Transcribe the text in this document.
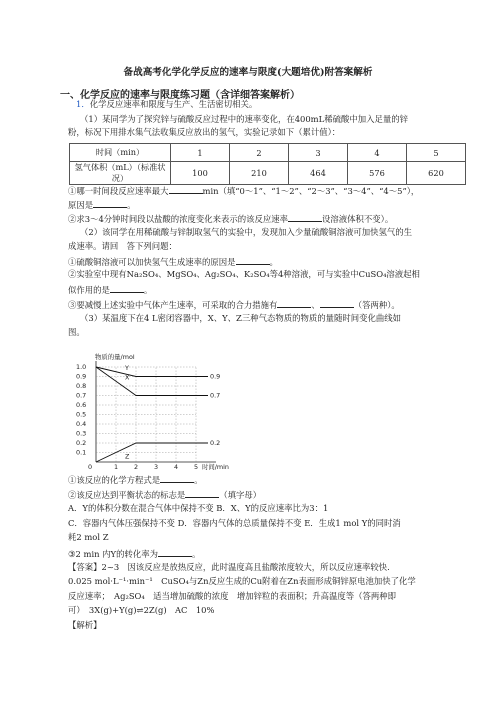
备战高考化学化学反应的速率与限度(大题培优)附答案解析
一、化学反应的速率与限度练习题（含详细答案解析）
1．化学反应速率和限度与生产、生活密切相关。
（1）某同学为了探究锌与硫酸反应过程中的速率变化，在400mL稀硫酸中加入足量的锌
粉，标况下用排水集气法收集反应放出的氢气，实验记录如下（累计值）：
时间（min）	1	2	3	4	5
氢气体积（mL）（标准状况）	100	210	464	576	620
①哪一时间段反应速率最大	min（填“0～1”、“1～2”、“2～3”、“3～4”、“4～5”），
原因是	。
②求3～4分钟时间段以盐酸的浓度变化来表示的该反应速率	设溶液体积不变）。
（2）该同学在用稀硫酸与锌制取氢气的实验中，发现加入少量硫酸铜溶液可加快氢气的生
成速率。请回　答下列问题：
①硫酸铜溶液可以加快氢气生成速率的原因是	。
②实验室中现有Na₂SO₄、MgSO₄、Ag₂SO₄、K₂SO₄等4种溶液，可与实验中CuSO₄溶液起相
似作用的是	。
③要减慢上述实验中气体产生速率，可采取的合力措施有	、	（答两种）。
（3）某温度下在4 L密闭容器中，X、Y、Z三种气态物质的物质的量随时间变化曲线如
图。
物质的量/mol
时间/min
0
1.0
0.9
0.8
0.7
0.6
0.5
0.4
0.3
0.2
0.1
1 2 3 4 5
0.9
Y
0.7
X
0.2
Z
①该反应的化学方程式是	。
②该反应达到平衡状态的标志是	（填字母）
A．Y的体积分数在混合气体中保持不变 B．X、Y的反应速率比为3：1
C．容器内气体压强保持不变 D．容器内气体的总质量保持不变 E．生成1 mol Y的同时消
耗2 mol Z
③2 min 内Y的转化率为	。
【答案】2~3　因该反应是放热反应，此时温度高且盐酸浓度较大，所以反应速率较快.
0.025 mol·L⁻¹·min⁻¹　CuSO₄与Zn反应生成的Cu附着在Zn表面形成铜锌原电池加快了化学
反应速率；　Ag₂SO₄　适当增加硫酸的浓度　增加锌粒的表面积；升高温度等（答两种即
可）　3X(g)+Y(g)⇌2Z(g)　AC　10%
【解析】
